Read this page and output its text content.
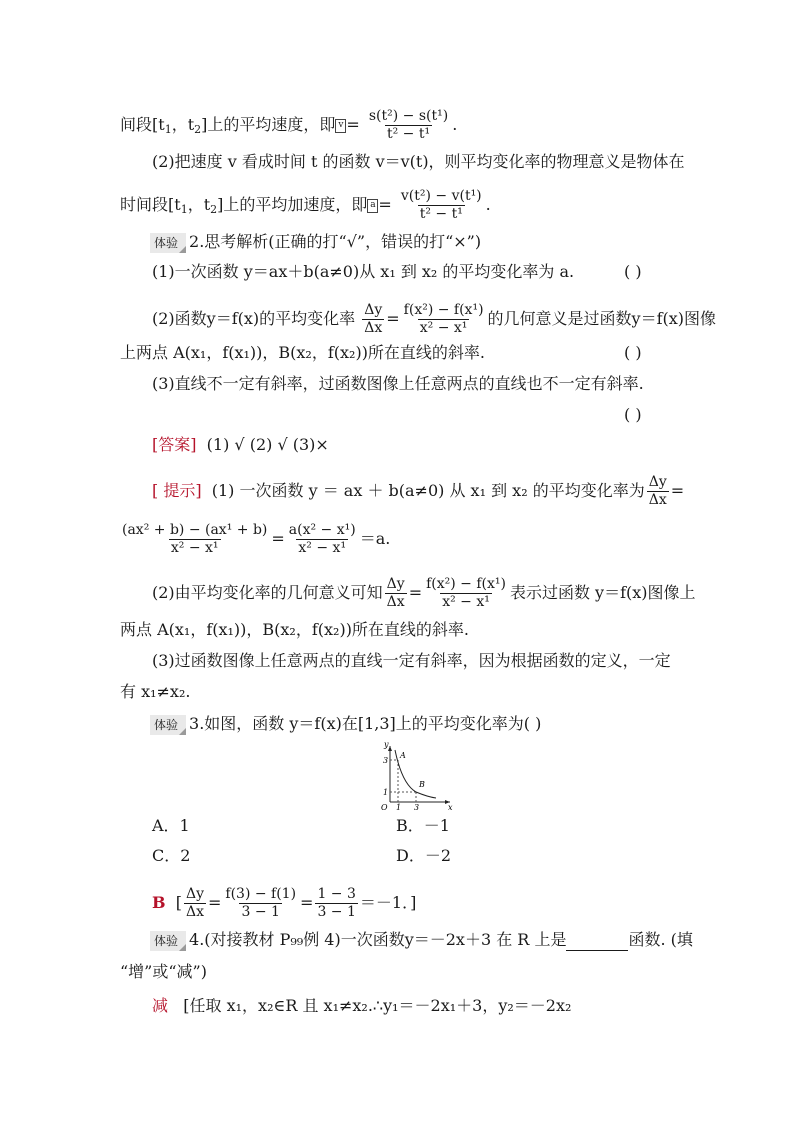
间段[$t_1$，$t_2$]上的平均速度，即 $v = \frac{\text{s(t²) − s(t¹)}}{\text{t² − t¹}}$ .
(2)把速度 v 看成时间 t 的函数 v＝v(t)，则平均变化率的物理意义是物体在
时间段[$t_1$，$t_2$]上的平均加速度，即 $a = \frac{\text{v(t²) − v(t¹)}}{\text{t² − t¹}}$ .
体验 2.思考解析(正确的打“√”，错误的打“×”)
(1)一次函数 y＝ax＋b(a≠0)从 x₁ 到 x₂ 的平均变化率为 a.	( )
(2)函数y＝f(x)的平均变化率 $\frac{\Delta y}{\Delta x} = \frac{\text{f(x²) − f(x¹)}}{\text{x² − x¹}}$ 的几何意义是过函数y＝f(x)图像
上两点 A(x₁，f(x₁))，B(x₂，f(x₂))所在直线的斜率.	( )
(3)直线不一定有斜率，过函数图像上任意两点的直线也不一定有斜率.
( )
[答案] (1) √ (2) √ (3)×
[ 提示] (1) 一次函数 y ＝ ax ＋ b(a≠0) 从 x₁ 到 x₂ 的平均变化率为 $\frac{\Delta y}{\Delta x}$ =
$\frac{\text{(ax² + b) − (ax¹ + b)}}{\text{x² − x¹}} = \frac{\text{a(x² − x¹)}}{\text{x² − x¹}} =a$.
(2)由平均变化率的几何意义可知 $\frac{\Delta y}{\Delta x} = \frac{\text{f(x²) − f(x¹)}}{\text{x² − x¹}}$ 表示过函数 y＝f(x)图像上
两点 A(x₁，f(x₁))，B(x₂，f(x₂))所在直线的斜率.
(3)过函数图像上任意两点的直线一定有斜率，因为根据函数的定义，一定
有 x₁≠x₂.
体验 3.如图，函数 y＝f(x)在[1,3]上的平均变化率为( )
y
x
O 1 3
3
1
A
B
A．1	B．－1
C．2	D．－2
B [ $\frac{\Delta y}{\Delta x} = \frac{f(3) - f(1)}{3 - 1} = \frac{1 - 3}{3 - 1} =-1$．]
体验 4.(对接教材 P₉₉例 4)一次函数y＝－2x＋3 在 R 上是	函数. (填
“增”或“减”)
减 [任取 x₁，x₂∈R 且 x₁≠x₂.∴y₁＝－2x₁＋3，y₂＝－2x₂
